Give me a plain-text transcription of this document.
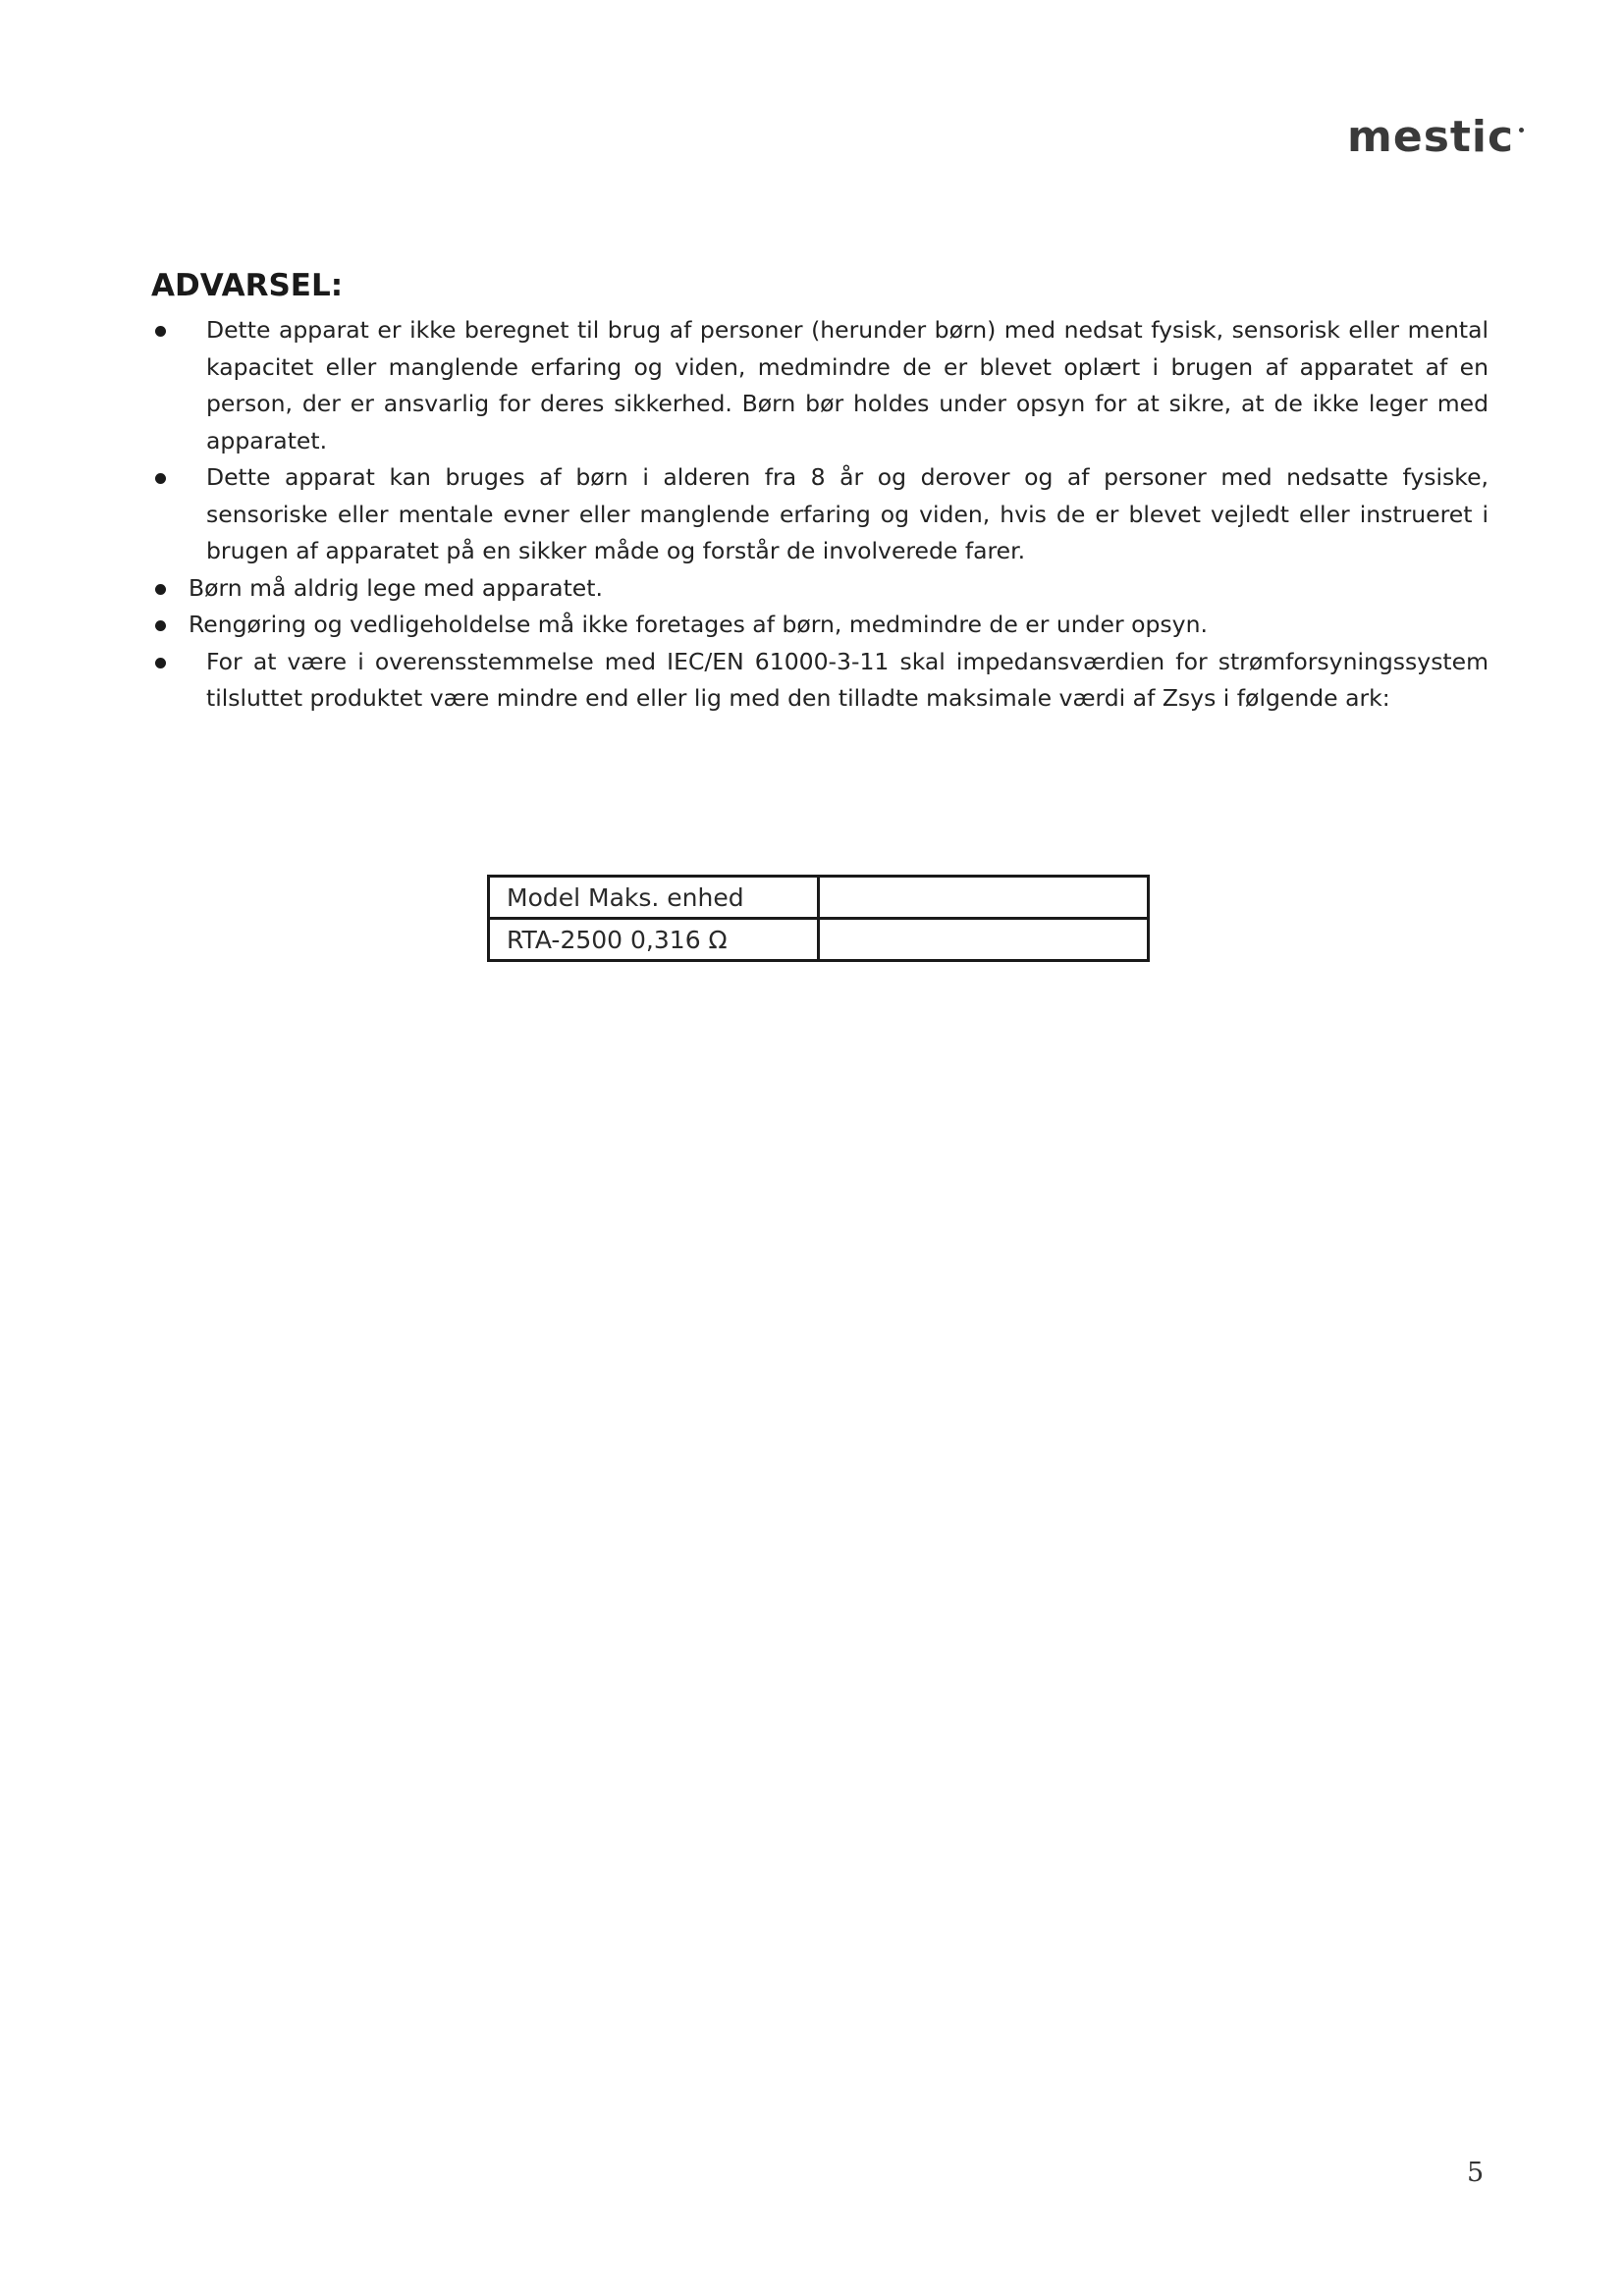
mestic
ADVARSEL:
Dette apparat er ikke beregnet til brug af personer (herunder børn) med nedsat fysisk, sensorisk eller mental kapacitet eller manglende erfaring og viden, medmindre de er blevet oplært i brugen af apparatet af en person, der er ansvarlig for deres sikkerhed. Børn bør holdes under opsyn for at sikre, at de ikke leger med apparatet.
Dette apparat kan bruges af børn i alderen fra 8 år og derover og af personer med nedsatte fysiske, sensoriske eller mentale evner eller manglende erfaring og viden, hvis de er blevet vejledt eller instrueret i brugen af apparatet på en sikker måde og forstår de involverede farer.
Børn må aldrig lege med apparatet.
Rengøring og vedligeholdelse må ikke foretages af børn, medmindre de er under opsyn.
For at være i overensstemmelse med IEC/EN 61000-3-11 skal impedansværdien for strømforsyningssystem tilsluttet produktet være mindre end eller lig med den tilladte maksimale værdi af Zsys i følgende ark:
Model Maks. enhed	
RTA-2500 0,316 Ω	
5
